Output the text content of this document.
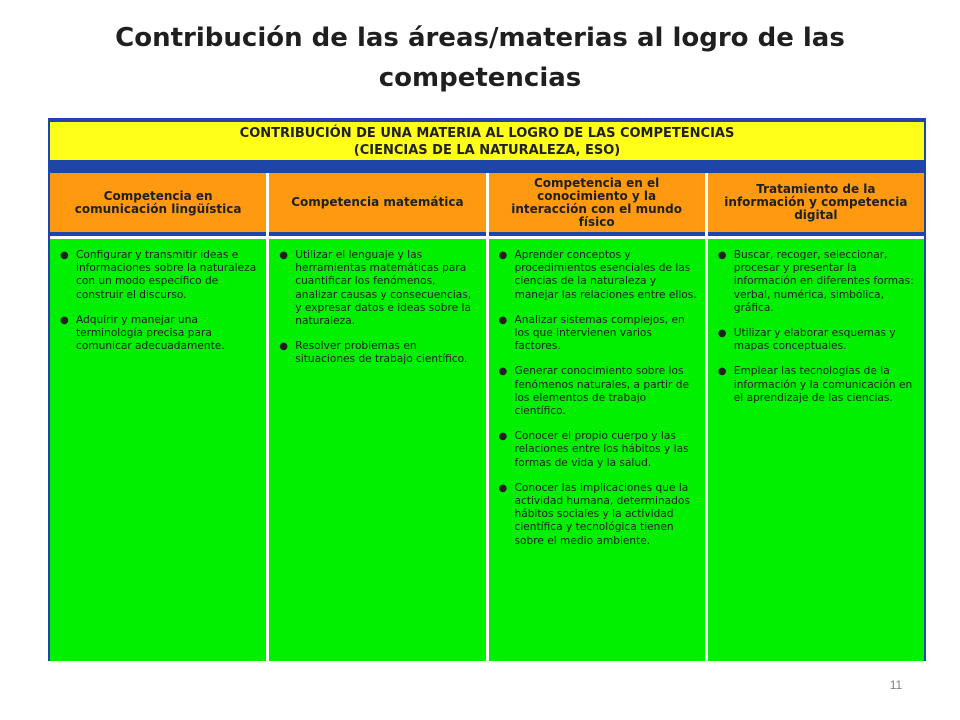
Contribución de las áreas/materias al logro de las competencias
CONTRIBUCIÓN DE UNA MATERIA AL LOGRO DE LAS COMPETENCIAS
(CIENCIAS DE LA NATURALEZA, ESO)
Competencia en comunicación lingüística
● Configurar y transmitir ideas e informaciones sobre la naturaleza con un modo específico de construir el discurso.
● Adquirir y manejar una terminología precisa para comunicar adecuadamente.
Competencia matemática
● Utilizar el lenguaje y las herramientas matemáticas para cuantificar los fenómenos, analizar causas y consecuencias, y expresar datos e ideas sobre la naturaleza.
● Resolver problemas en situaciones de trabajo científico.
Competencia en el conocimiento y la interacción con el mundo físico
● Aprender conceptos y procedimientos esenciales de las ciencias de la naturaleza y manejar las relaciones entre ellos.
● Analizar sistemas complejos, en los que intervienen varios factores.
● Generar conocimiento sobre los fenómenos naturales, a partir de los elementos de trabajo científico.
● Conocer el propio cuerpo y las relaciones entre los hábitos y las formas de vida y la salud.
● Conocer las implicaciones que la actividad humana, determinados hábitos sociales y la actividad científica y tecnológica tienen sobre el medio ambiente.
Tratamiento de la información y competencia digital
● Buscar, recoger, seleccionar, procesar y presentar la información en diferentes formas: verbal, numérica, simbólica, gráfica.
● Utilizar y elaborar esquemas y mapas conceptuales.
● Emplear las tecnologías de la información y la comunicación en el aprendizaje de las ciencias.
11
